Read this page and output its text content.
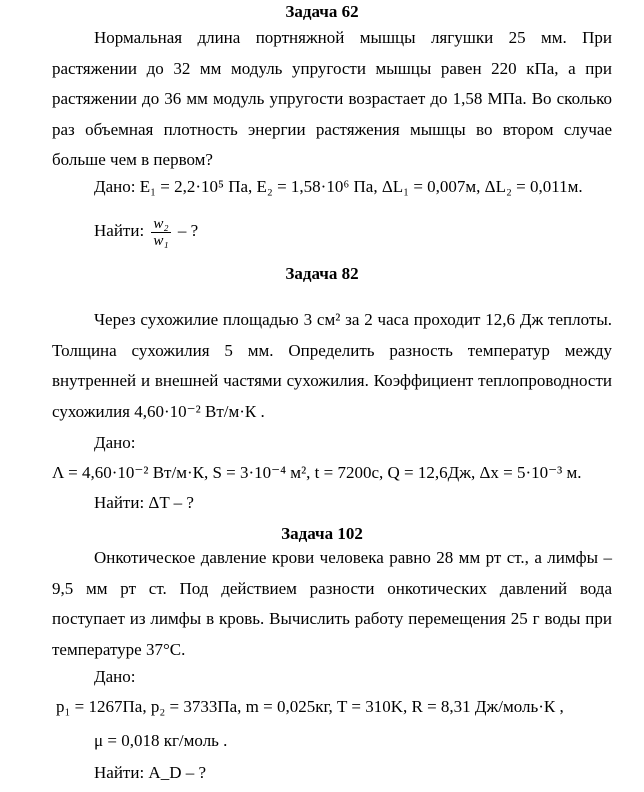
Задача 62

Нормальная длина портняжной мышцы лягушки 25 мм. При растяжении до 32 мм модуль упругости мышцы равен 220 кПа, а при растяжении до 36 мм модуль упругости возрастает до 1,58 МПа. Во сколько раз объемная плотность энергии растяжения мышцы во втором случае больше чем в первом?

Дано: E₁ = 2,2·10⁵ Па, E₂ = 1,58·10⁶ Па, ΔL₁ = 0,007м, ΔL₂ = 0,011м.
Найти: $\frac{\text{w₂}}{\text{w₁}}$ – ?
Задача 82

Через сухожилие площадью 3 см² за 2 часа проходит 12,6 Дж теплоты. Толщина сухожилия 5 мм. Определить разность температур между внутренней и внешней частями сухожилия. Коэффициент теплопроводности сухожилия 4,60·10⁻² Вт/м·К .

Дано:
Λ = 4,60·10⁻² Вт/м·К, S = 3·10⁻⁴ м², t = 7200с, Q = 12,6Дж, Δx = 5·10⁻³ м.
Найти: ΔT – ?
Задача 102

Онкотическое давление крови человека равно 28 мм рт ст., а лимфы – 9,5 мм рт ст. Под действием разности онкотических давлений вода поступает из лимфы в кровь. Вычислить работу перемещения 25 г воды при температуре 37°С.

Дано:
p₁ = 1267Па, p₂ = 3733Па, m = 0,025кг, T = 310K, R = 8,31 Дж/моль·К ,
μ = 0,018 кг/моль .
Найти: A_D – ?
